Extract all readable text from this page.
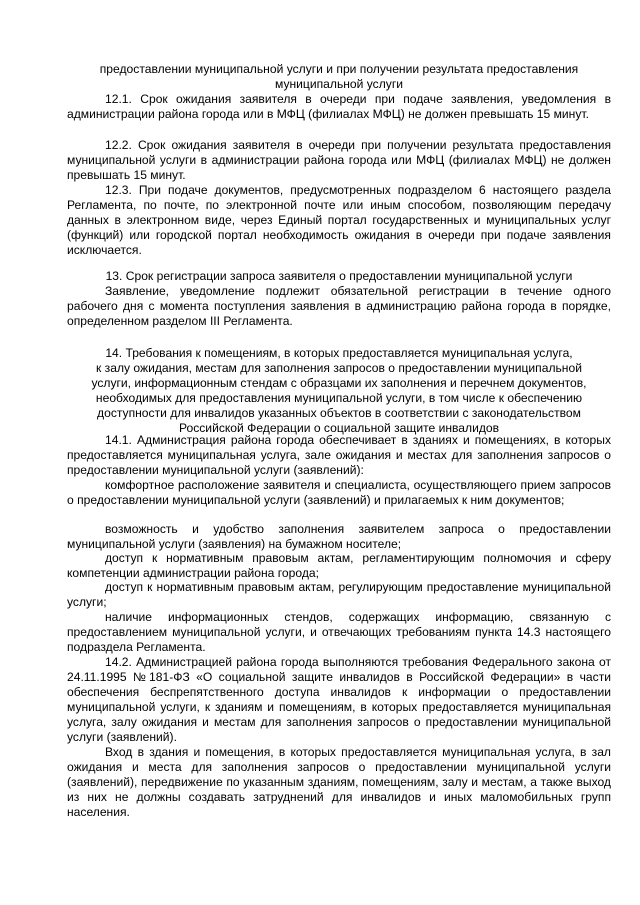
предоставлении муниципальной услуги и при получении результата предоставления
муниципальной услуги

12.1. Срок ожидания заявителя в очереди при подаче заявления, уведомления в администрации района города или в МФЦ (филиалах МФЦ) не должен превышать 15 минут.

12.2. Срок ожидания заявителя в очереди при получении результата предоставления муниципальной услуги в администрации района города или МФЦ (филиалах МФЦ) не должен превышать 15 минут.

12.3. При подаче документов, предусмотренных подразделом 6 настоящего раздела Регламента, по почте, по электронной почте или иным способом, позволяющим передачу данных в электронном виде, через Единый портал государственных и муниципальных услуг (функций) или городской портал необходимость ожидания в очереди при подаче заявления исключается.

13. Срок регистрации запроса заявителя о предоставлении муниципальной услуги

Заявление, уведомление подлежит обязательной регистрации в течение одного рабочего дня с момента поступления заявления в администрацию района города в порядке, определенном разделом III Регламента.

14. Требования к помещениям, в которых предоставляется муниципальная услуга,
к залу ожидания, местам для заполнения запросов о предоставлении муниципальной
услуги, информационным стендам с образцами их заполнения и перечнем документов,
необходимых для предоставления муниципальной услуги, в том числе к обеспечению
доступности для инвалидов указанных объектов в соответствии с законодательством
Российской Федерации о социальной защите инвалидов

14.1. Администрация района города обеспечивает в зданиях и помещениях, в которых предоставляется муниципальная услуга, зале ожидания и местах для заполнения запросов о предоставлении муниципальной услуги (заявлений):

комфортное расположение заявителя и специалиста, осуществляющего прием запросов о предоставлении муниципальной услуги (заявлений) и прилагаемых к ним документов;

возможность и удобство заполнения заявителем запроса о предоставлении муниципальной услуги (заявления) на бумажном носителе;

доступ к нормативным правовым актам, регламентирующим полномочия и сферу компетенции администрации района города;

доступ к нормативным правовым актам, регулирующим предоставление муниципальной услуги;

наличие информационных стендов, содержащих информацию, связанную с предоставлением муниципальной услуги, и отвечающих требованиям пункта 14.3 настоящего подраздела Регламента.

14.2. Администрацией района города выполняются требования Федерального закона от 24.11.1995 №181-ФЗ «О социальной защите инвалидов в Российской Федерации» в части обеспечения беспрепятственного доступа инвалидов к информации о предоставлении муниципальной услуги, к зданиям и помещениям, в которых предоставляется муниципальная услуга, залу ожидания и местам для заполнения запросов о предоставлении муниципальной услуги (заявлений).

Вход в здания и помещения, в которых предоставляется муниципальная услуга, в зал ожидания и места для заполнения запросов о предоставлении муниципальной услуги (заявлений), передвижение по указанным зданиям, помещениям, залу и местам, а также выход из них не должны создавать затруднений для инвалидов и иных маломобильных групп населения.
